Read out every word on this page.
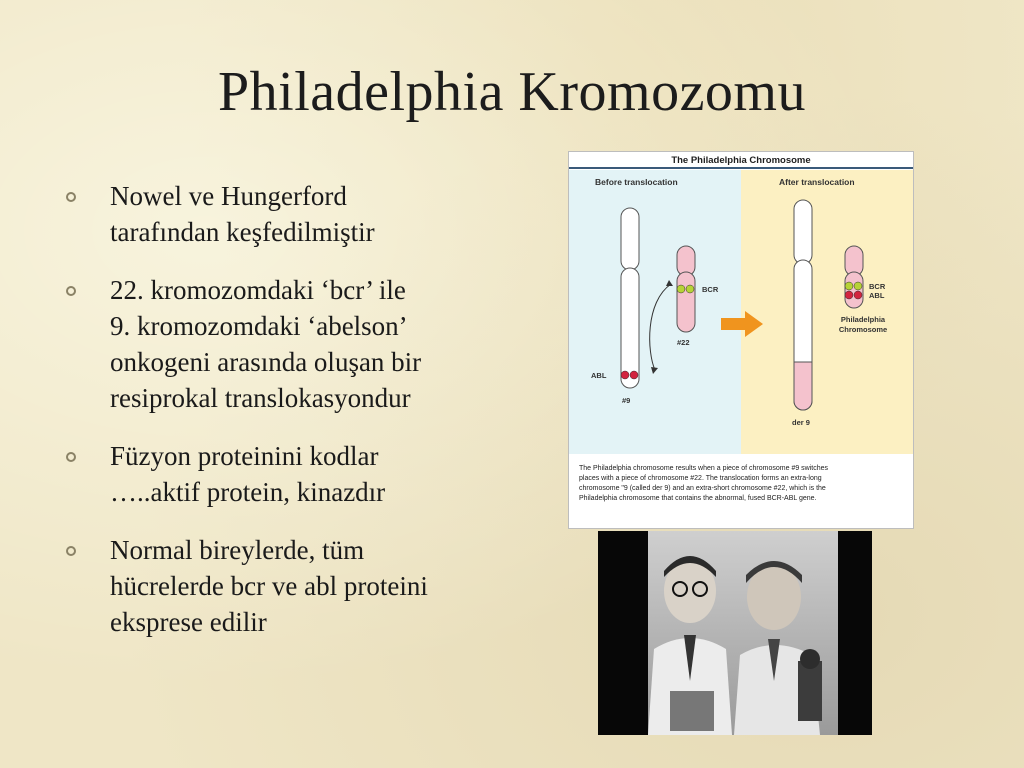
Philadelphia Kromozomu
Nowel ve Hungerford
tarafından keşfedilmiştir
22. kromozomdaki ‘bcr’ ile
9. kromozomdaki ‘abelson’
onkogeni arasında oluşan bir
resiprokal translokasyondur
Füzyon proteinini kodlar
…..aktif protein, kinazdır
Normal bireylerde, tüm
hücrelerde bcr ve abl proteini
eksprese edilir
The Philadelphia Chromosome
Before translocation	After translocation
ABL
#9
BCR
#22
der 9
BCR
ABL
Philadelphia
Chromosome
The Philadelphia chromosome results when a piece of chromosome #9 switches
places with a piece of chromosome #22. The translocation forms an extra-long
chromosome "9 (called der 9) and an extra-short chromosome #22, which is the
Philadelphia chromosome that contains the abnormal, fused BCR-ABL gene.
